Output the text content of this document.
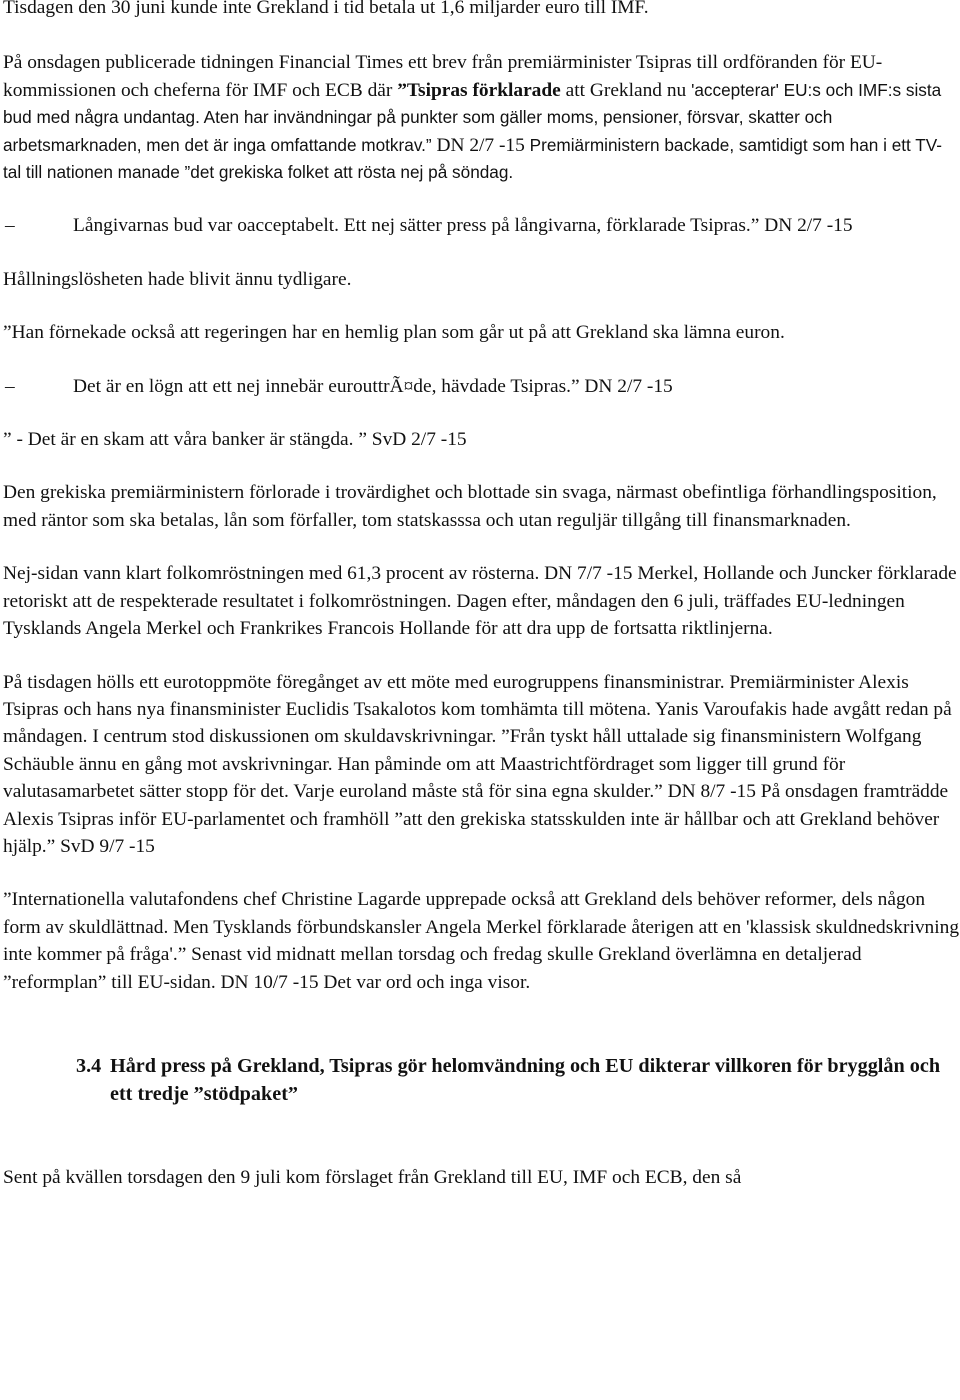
Tisdagen den 30 juni kunde inte Grekland i tid betala ut 1,6 miljarder euro till IMF.

På onsdagen publicerade tidningen Financial Times ett brev från premiärminister Tsipras till ordföranden för EU-kommissionen och cheferna för IMF och ECB där ”Tsipras förklarade att Grekland nu 'accepterar' EU:s och IMF:s sista bud med några undantag. Aten har invändningar på punkter som gäller moms, pensioner, försvar, skatter och arbetsmarknaden, men det är inga omfattande motkrav.” DN 2/7 -15 Premiärministern backade, samtidigt som han i ett TV-tal till nationen manade ”det grekiska folket att rösta nej på söndag.

–	Långivarnas bud var oacceptabelt. Ett nej sätter press på långivarna, förklarade Tsipras.” DN 2/7 -15

Hållningslösheten hade blivit ännu tydligare.

”Han förnekade också att regeringen har en hemlig plan som går ut på att Grekland ska lämna euron.

–	Det är en lögn att ett nej innebär eurouttrÃ¤de, hävdade Tsipras.” DN 2/7 -15

” - Det är en skam att våra banker är stängda. ” SvD 2/7 -15

Den grekiska premiärministern förlorade i trovärdighet och blottade sin svaga, närmast obefintliga förhandlingsposition, med räntor som ska betalas, lån som förfaller, tom statskasssa och utan reguljär tillgång till finansmarknaden.

Nej-sidan vann klart folkomröstningen med 61,3 procent av rösterna. DN 7/7 -15 Merkel, Hollande och Juncker förklarade retoriskt att de respekterade resultatet i folkomröstningen. Dagen efter, måndagen den 6 juli, träffades EU-ledningen Tysklands Angela Merkel och Frankrikes Francois Hollande för att dra upp de fortsatta riktlinjerna.

På tisdagen hölls ett eurotoppmöte föregånget av ett möte med eurogruppens finansministrar. Premiärminister Alexis Tsipras och hans nya finansminister Euclidis Tsakalotos kom tomhämta till mötena. Yanis Varoufakis hade avgått redan på måndagen. I centrum stod diskussionen om skuldavskrivningar. ”Från tyskt håll uttalade sig finansministern Wolfgang Schäuble ännu en gång mot avskrivningar. Han påminde om att Maastrichtfördraget som ligger till grund för valutasamarbetet sätter stopp för det. Varje euroland måste stå för sina egna skulder.” DN 8/7 -15 På onsdagen framträdde Alexis Tsipras inför EU-parlamentet och framhöll ”att den grekiska statsskulden inte är hållbar och att Grekland behöver hjälp.” SvD 9/7 -15

”Internationella valutafondens chef Christine Lagarde upprepade också att Grekland dels behöver reformer, dels någon form av skuldlättnad. Men Tysklands förbundskansler Angela Merkel förklarade återigen att en 'klassisk skuldnedskrivning inte kommer på fråga'.” Senast vid midnatt mellan torsdag och fredag skulle Grekland överlämna en detaljerad ”reformplan” till EU-sidan. DN 10/7 -15 Det var ord och inga visor.

3.4 Hård press på Grekland, Tsipras gör helomvändning och EU dikterar villkoren för brygglån och ett tredje ”stödpaket”

Sent på kvällen torsdagen den 9 juli kom förslaget från Grekland till EU, IMF och ECB, den så
